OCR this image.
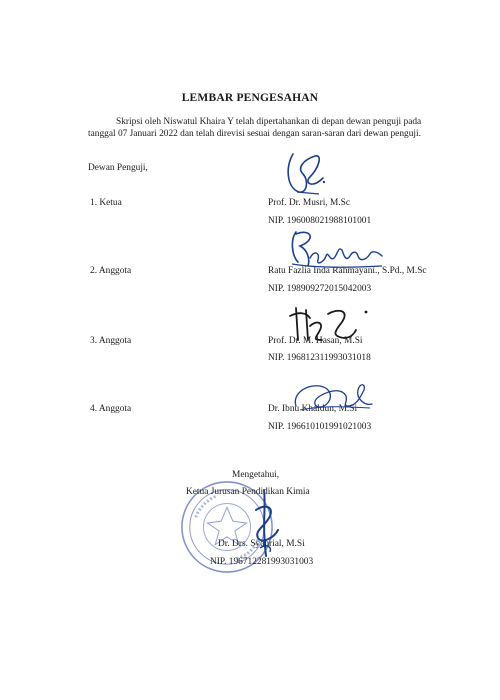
LEMBAR PENGESAHAN
Skripsi oleh Niswatul Khaira Y telah dipertahankan di depan dewan penguji pada tanggal 07 Januari 2022 dan telah direvisi sesuai dengan saran-saran dari dewan penguji.
Dewan Penguji,
1. Ketua	Prof. Dr. Musri, M.Sc
NIP. 196008021988101001
2. Anggota	Ratu Fazlia Inda Rahmayani., S.Pd., M.Sc
NIP. 198909272015042003
3. Anggota	Prof. Dr. M. Hasan, M.Si
NIP. 196812311993031018
4. Anggota	Dr. Ibnu Khaldun, M.Si
NIP. 196610101991021003
Mengetahui,
Ketua Jurusan Pendidikan Kimia
Dr. Drs. Syahrial, M.Si
NIP. 196712281993031003
